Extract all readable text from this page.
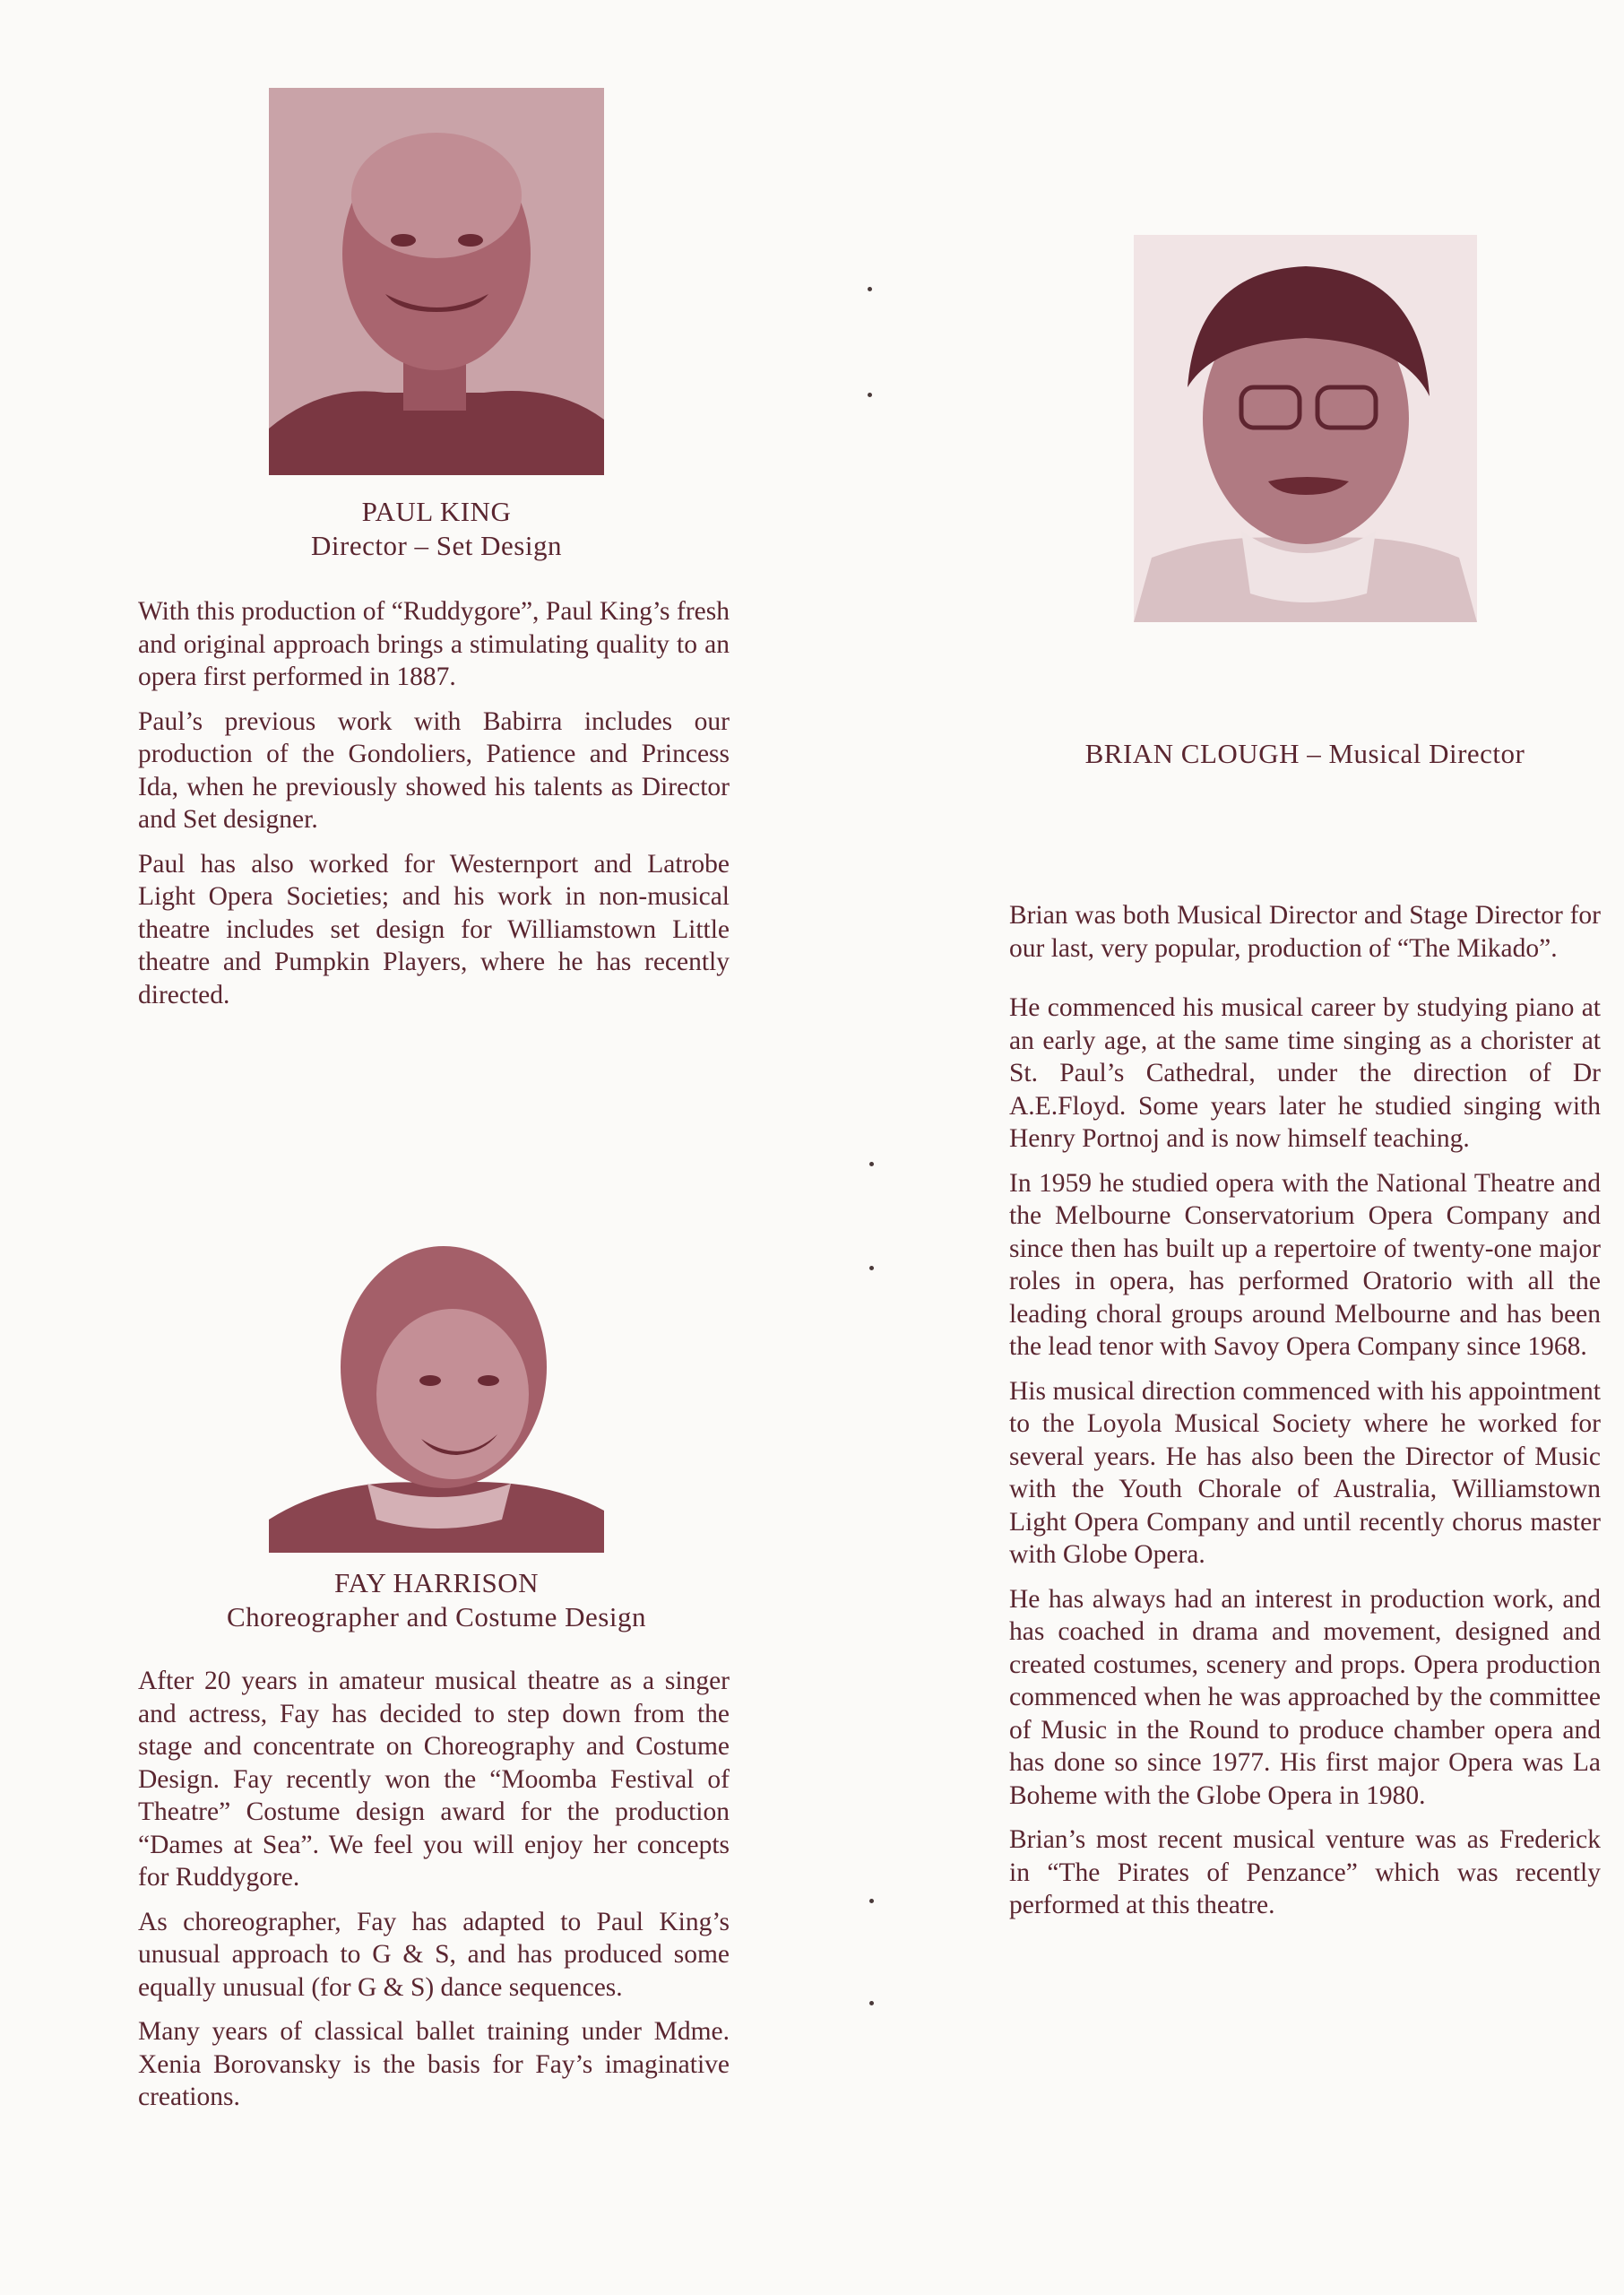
PAUL KING
Director – Set Design

With this production of “Ruddygore”, Paul King’s fresh and original approach brings a stimulating quality to an opera first performed in 1887.

Paul’s previous work with Babirra includes our production of the Gondoliers, Patience and Princess Ida, when he previously showed his talents as Director and Set designer.

Paul has also worked for Westernport and Latrobe Light Opera Societies; and his work in non-musical theatre includes set design for Williamstown Little theatre and Pumpkin Players, where he has recently directed.

FAY HARRISON
Choreographer and Costume Design

After 20 years in amateur musical theatre as a singer and actress, Fay has decided to step down from the stage and concentrate on Choreography and Costume Design. Fay recently won the “Moomba Festival of Theatre” Costume design award for the production “Dames at Sea”. We feel you will enjoy her concepts for Ruddygore.

As choreographer, Fay has adapted to Paul King’s unusual approach to G & S, and has produced some equally unusual (for G & S) dance sequences.

Many years of classical ballet training under Mdme. Xenia Borovansky is the basis for Fay’s imaginative creations.

BRIAN CLOUGH – Musical Director

Brian was both Musical Director and Stage Director for our last, very popular, production of “The Mikado”.

He commenced his musical career by studying piano at an early age, at the same time singing as a chorister at St. Paul’s Cathedral, under the direction of Dr A.E.Floyd. Some years later he studied singing with Henry Portnoj and is now himself teaching.

In 1959 he studied opera with the National Theatre and the Melbourne Conservatorium Opera Company and since then has built up a repertoire of twenty-one major roles in opera, has performed Oratorio with all the leading choral groups around Melbourne and has been the lead tenor with Savoy Opera Company since 1968.

His musical direction commenced with his appointment to the Loyola Musical Society where he worked for several years. He has also been the Director of Music with the Youth Chorale of Australia, Williamstown Light Opera Company and until recently chorus master with Globe Opera.

He has always had an interest in production work, and has coached in drama and movement, designed and created costumes, scenery and props. Opera production commenced when he was approached by the committee of Music in the Round to produce chamber opera and has done so since 1977. His first major Opera was La Boheme with the Globe Opera in 1980.

Brian’s most recent musical venture was as Frederick in “The Pirates of Penzance” which was recently performed at this theatre.
